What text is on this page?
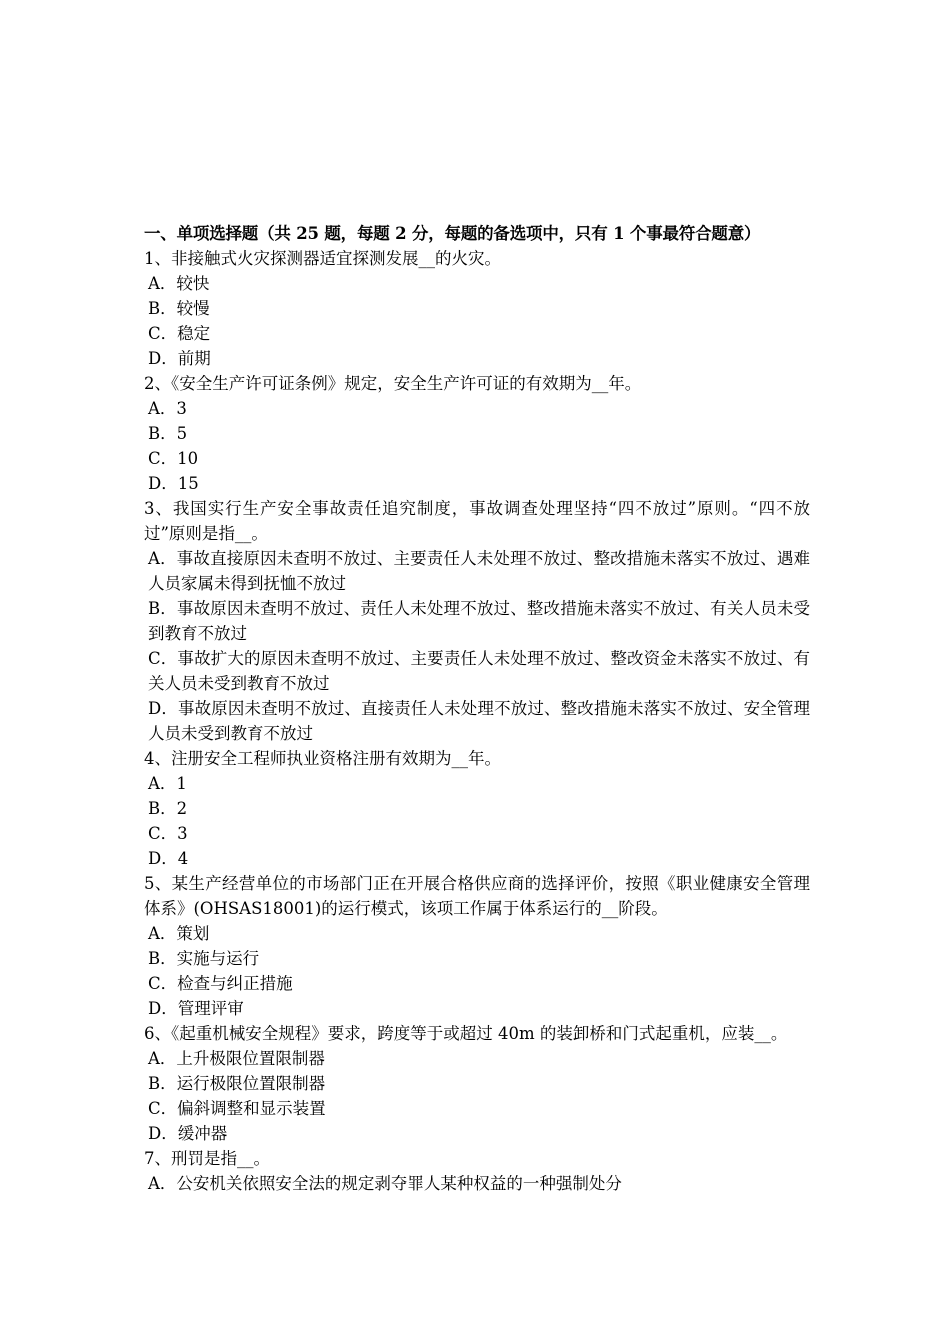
一、单项选择题（共 25 题，每题 2 分，每题的备选项中，只有 1 个事最符合题意）
1、非接触式火灾探测器适宜探测发展__的火灾。
A．较快
B．较慢
C．稳定
D．前期
2、《安全生产许可证条例》规定，安全生产许可证的有效期为__年。
A．3
B．5
C．10
D．15
3、我国实行生产安全事故责任追究制度，事故调查处理坚持“四不放过”原则。“四不放过”原则是指__。
A．事故直接原因未查明不放过、主要责任人未处理不放过、整改措施未落实不放过、遇难人员家属未得到抚恤不放过
B．事故原因未查明不放过、责任人未处理不放过、整改措施未落实不放过、有关人员未受到教育不放过
C．事故扩大的原因未查明不放过、主要责任人未处理不放过、整改资金未落实不放过、有关人员未受到教育不放过
D．事故原因未查明不放过、直接责任人未处理不放过、整改措施未落实不放过、安全管理人员未受到教育不放过
4、注册安全工程师执业资格注册有效期为__年。
A．1
B．2
C．3
D．4
5、某生产经营单位的市场部门正在开展合格供应商的选择评价，按照《职业健康安全管理体系》(OHSAS18001)的运行模式，该项工作属于体系运行的__阶段。
A．策划
B．实施与运行
C．检查与纠正措施
D．管理评审
6、《起重机械安全规程》要求，跨度等于或超过 40m 的装卸桥和门式起重机，应装__。
A．上升极限位置限制器
B．运行极限位置限制器
C．偏斜调整和显示装置
D．缓冲器
7、刑罚是指__。
A．公安机关依照安全法的规定剥夺罪人某种权益的一种强制处分
